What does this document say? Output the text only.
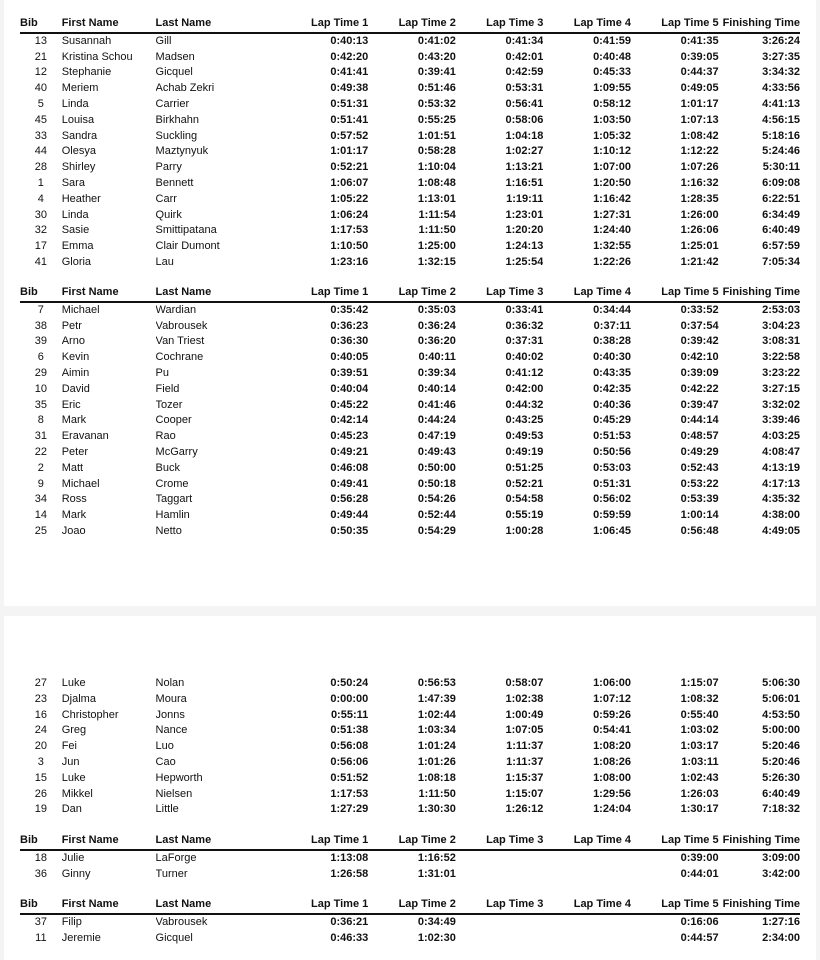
Bib	First Name	Last Name	Lap Time 1	Lap Time 2	Lap Time 3	Lap Time 4	Lap Time 5	Finishing Time
13	Susannah	Gill	0:40:13	0:41:02	0:41:34	0:41:59	0:41:35	3:26:24
21	Kristina Schou	Madsen	0:42:20	0:43:20	0:42:01	0:40:48	0:39:05	3:27:35
12	Stephanie	Gicquel	0:41:41	0:39:41	0:42:59	0:45:33	0:44:37	3:34:32
40	Meriem	Achab Zekri	0:49:38	0:51:46	0:53:31	1:09:55	0:49:05	4:33:56
5	Linda	Carrier	0:51:31	0:53:32	0:56:41	0:58:12	1:01:17	4:41:13
45	Louisa	Birkhahn	0:51:41	0:55:25	0:58:06	1:03:50	1:07:13	4:56:15
33	Sandra	Suckling	0:57:52	1:01:51	1:04:18	1:05:32	1:08:42	5:18:16
44	Olesya	Maztynyuk	1:01:17	0:58:28	1:02:27	1:10:12	1:12:22	5:24:46
28	Shirley	Parry	0:52:21	1:10:04	1:13:21	1:07:00	1:07:26	5:30:11
1	Sara	Bennett	1:06:07	1:08:48	1:16:51	1:20:50	1:16:32	6:09:08
4	Heather	Carr	1:05:22	1:13:01	1:19:11	1:16:42	1:28:35	6:22:51
30	Linda	Quirk	1:06:24	1:11:54	1:23:01	1:27:31	1:26:00	6:34:49
32	Sasie	Smittipatana	1:17:53	1:11:50	1:20:20	1:24:40	1:26:06	6:40:49
17	Emma	Clair Dumont	1:10:50	1:25:00	1:24:13	1:32:55	1:25:01	6:57:59
41	Gloria	Lau	1:23:16	1:32:15	1:25:54	1:22:26	1:21:42	7:05:34
Bib	First Name	Last Name	Lap Time 1	Lap Time 2	Lap Time 3	Lap Time 4	Lap Time 5	Finishing Time
7	Michael	Wardian	0:35:42	0:35:03	0:33:41	0:34:44	0:33:52	2:53:03
38	Petr	Vabrousek	0:36:23	0:36:24	0:36:32	0:37:11	0:37:54	3:04:23
39	Arno	Van Triest	0:36:30	0:36:20	0:37:31	0:38:28	0:39:42	3:08:31
6	Kevin	Cochrane	0:40:05	0:40:11	0:40:02	0:40:30	0:42:10	3:22:58
29	Aimin	Pu	0:39:51	0:39:34	0:41:12	0:43:35	0:39:09	3:23:22
10	David	Field	0:40:04	0:40:14	0:42:00	0:42:35	0:42:22	3:27:15
35	Eric	Tozer	0:45:22	0:41:46	0:44:32	0:40:36	0:39:47	3:32:02
8	Mark	Cooper	0:42:14	0:44:24	0:43:25	0:45:29	0:44:14	3:39:46
31	Eravanan	Rao	0:45:23	0:47:19	0:49:53	0:51:53	0:48:57	4:03:25
22	Peter	McGarry	0:49:21	0:49:43	0:49:19	0:50:56	0:49:29	4:08:47
2	Matt	Buck	0:46:08	0:50:00	0:51:25	0:53:03	0:52:43	4:13:19
9	Michael	Crome	0:49:41	0:50:18	0:52:21	0:51:31	0:53:22	4:17:13
34	Ross	Taggart	0:56:28	0:54:26	0:54:58	0:56:02	0:53:39	4:35:32
14	Mark	Hamlin	0:49:44	0:52:44	0:55:19	0:59:59	1:00:14	4:38:00
25	Joao	Netto	0:50:35	0:54:29	1:00:28	1:06:45	0:56:48	4:49:05
27	Luke	Nolan	0:50:24	0:56:53	0:58:07	1:06:00	1:15:07	5:06:30
23	Djalma	Moura	0:00:00	1:47:39	1:02:38	1:07:12	1:08:32	5:06:01
16	Christopher	Jonns	0:55:11	1:02:44	1:00:49	0:59:26	0:55:40	4:53:50
24	Greg	Nance	0:51:38	1:03:34	1:07:05	0:54:41	1:03:02	5:00:00
20	Fei	Luo	0:56:08	1:01:24	1:11:37	1:08:20	1:03:17	5:20:46
3	Jun	Cao	0:56:06	1:01:26	1:11:37	1:08:26	1:03:11	5:20:46
15	Luke	Hepworth	0:51:52	1:08:18	1:15:37	1:08:00	1:02:43	5:26:30
26	Mikkel	Nielsen	1:17:53	1:11:50	1:15:07	1:29:56	1:26:03	6:40:49
19	Dan	Little	1:27:29	1:30:30	1:26:12	1:24:04	1:30:17	7:18:32
Bib	First Name	Last Name	Lap Time 1	Lap Time 2	Lap Time 3	Lap Time 4	Lap Time 5	Finishing Time
18	Julie	LaForge	1:13:08	1:16:52			0:39:00	3:09:00
36	Ginny	Turner	1:26:58	1:31:01			0:44:01	3:42:00
Bib	First Name	Last Name	Lap Time 1	Lap Time 2	Lap Time 3	Lap Time 4	Lap Time 5	Finishing Time
37	Filip	Vabrousek	0:36:21	0:34:49			0:16:06	1:27:16
11	Jeremie	Gicquel	0:46:33	1:02:30			0:44:57	2:34:00
